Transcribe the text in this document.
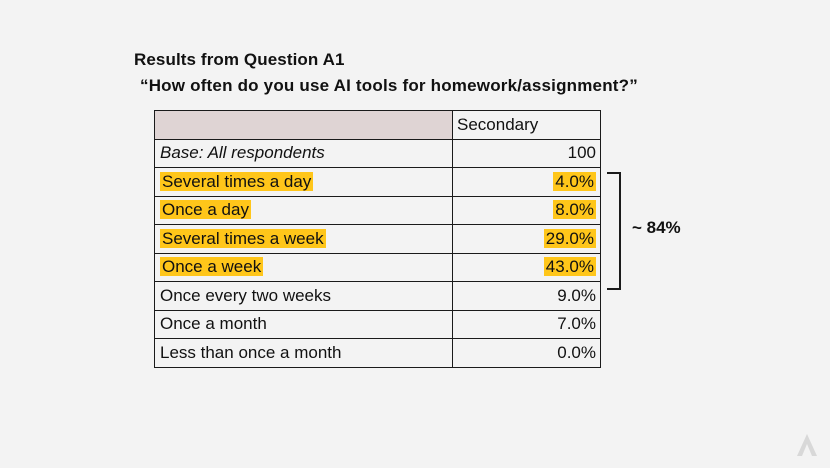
Results from Question A1
“How often do you use AI tools for homework/assignment?”
	Secondary
Base: All respondents	100
Several times a day	4.0%
Once a day	8.0%
Several times a week	29.0%
Once a week	43.0%
Once every two weeks	9.0%
Once a month	7.0%
Less than once a month	0.0%
~ 84%
